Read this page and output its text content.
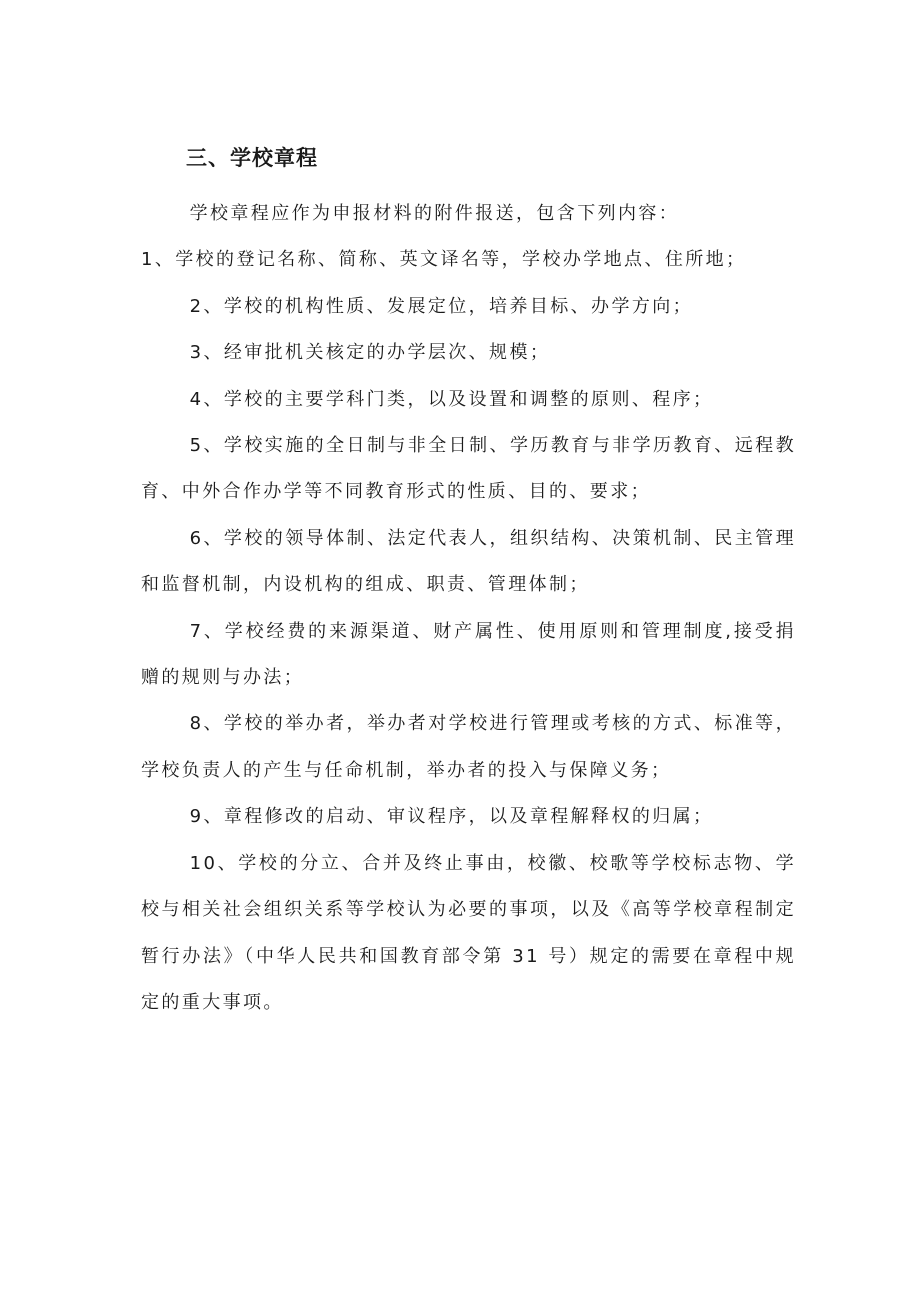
三、学校章程

学校章程应作为申报材料的附件报送，包含下列内容：

1、学校的登记名称、简称、英文译名等，学校办学地点、住所地；

2、学校的机构性质、发展定位，培养目标、办学方向；

3、经审批机关核定的办学层次、规模；

4、学校的主要学科门类，以及设置和调整的原则、程序；

5、学校实施的全日制与非全日制、学历教育与非学历教育、远程教育、中外合作办学等不同教育形式的性质、目的、要求；

6、学校的领导体制、法定代表人，组织结构、决策机制、民主管理和监督机制，内设机构的组成、职责、管理体制；

7、学校经费的来源渠道、财产属性、使用原则和管理制度,接受捐赠的规则与办法；

8、学校的举办者，举办者对学校进行管理或考核的方式、标准等，学校负责人的产生与任命机制，举办者的投入与保障义务；

9、章程修改的启动、审议程序，以及章程解释权的归属；

10、学校的分立、合并及终止事由，校徽、校歌等学校标志物、学校与相关社会组织关系等学校认为必要的事项，以及《高等学校章程制定暂行办法》（中华人民共和国教育部令第 31 号）规定的需要在章程中规定的重大事项。
